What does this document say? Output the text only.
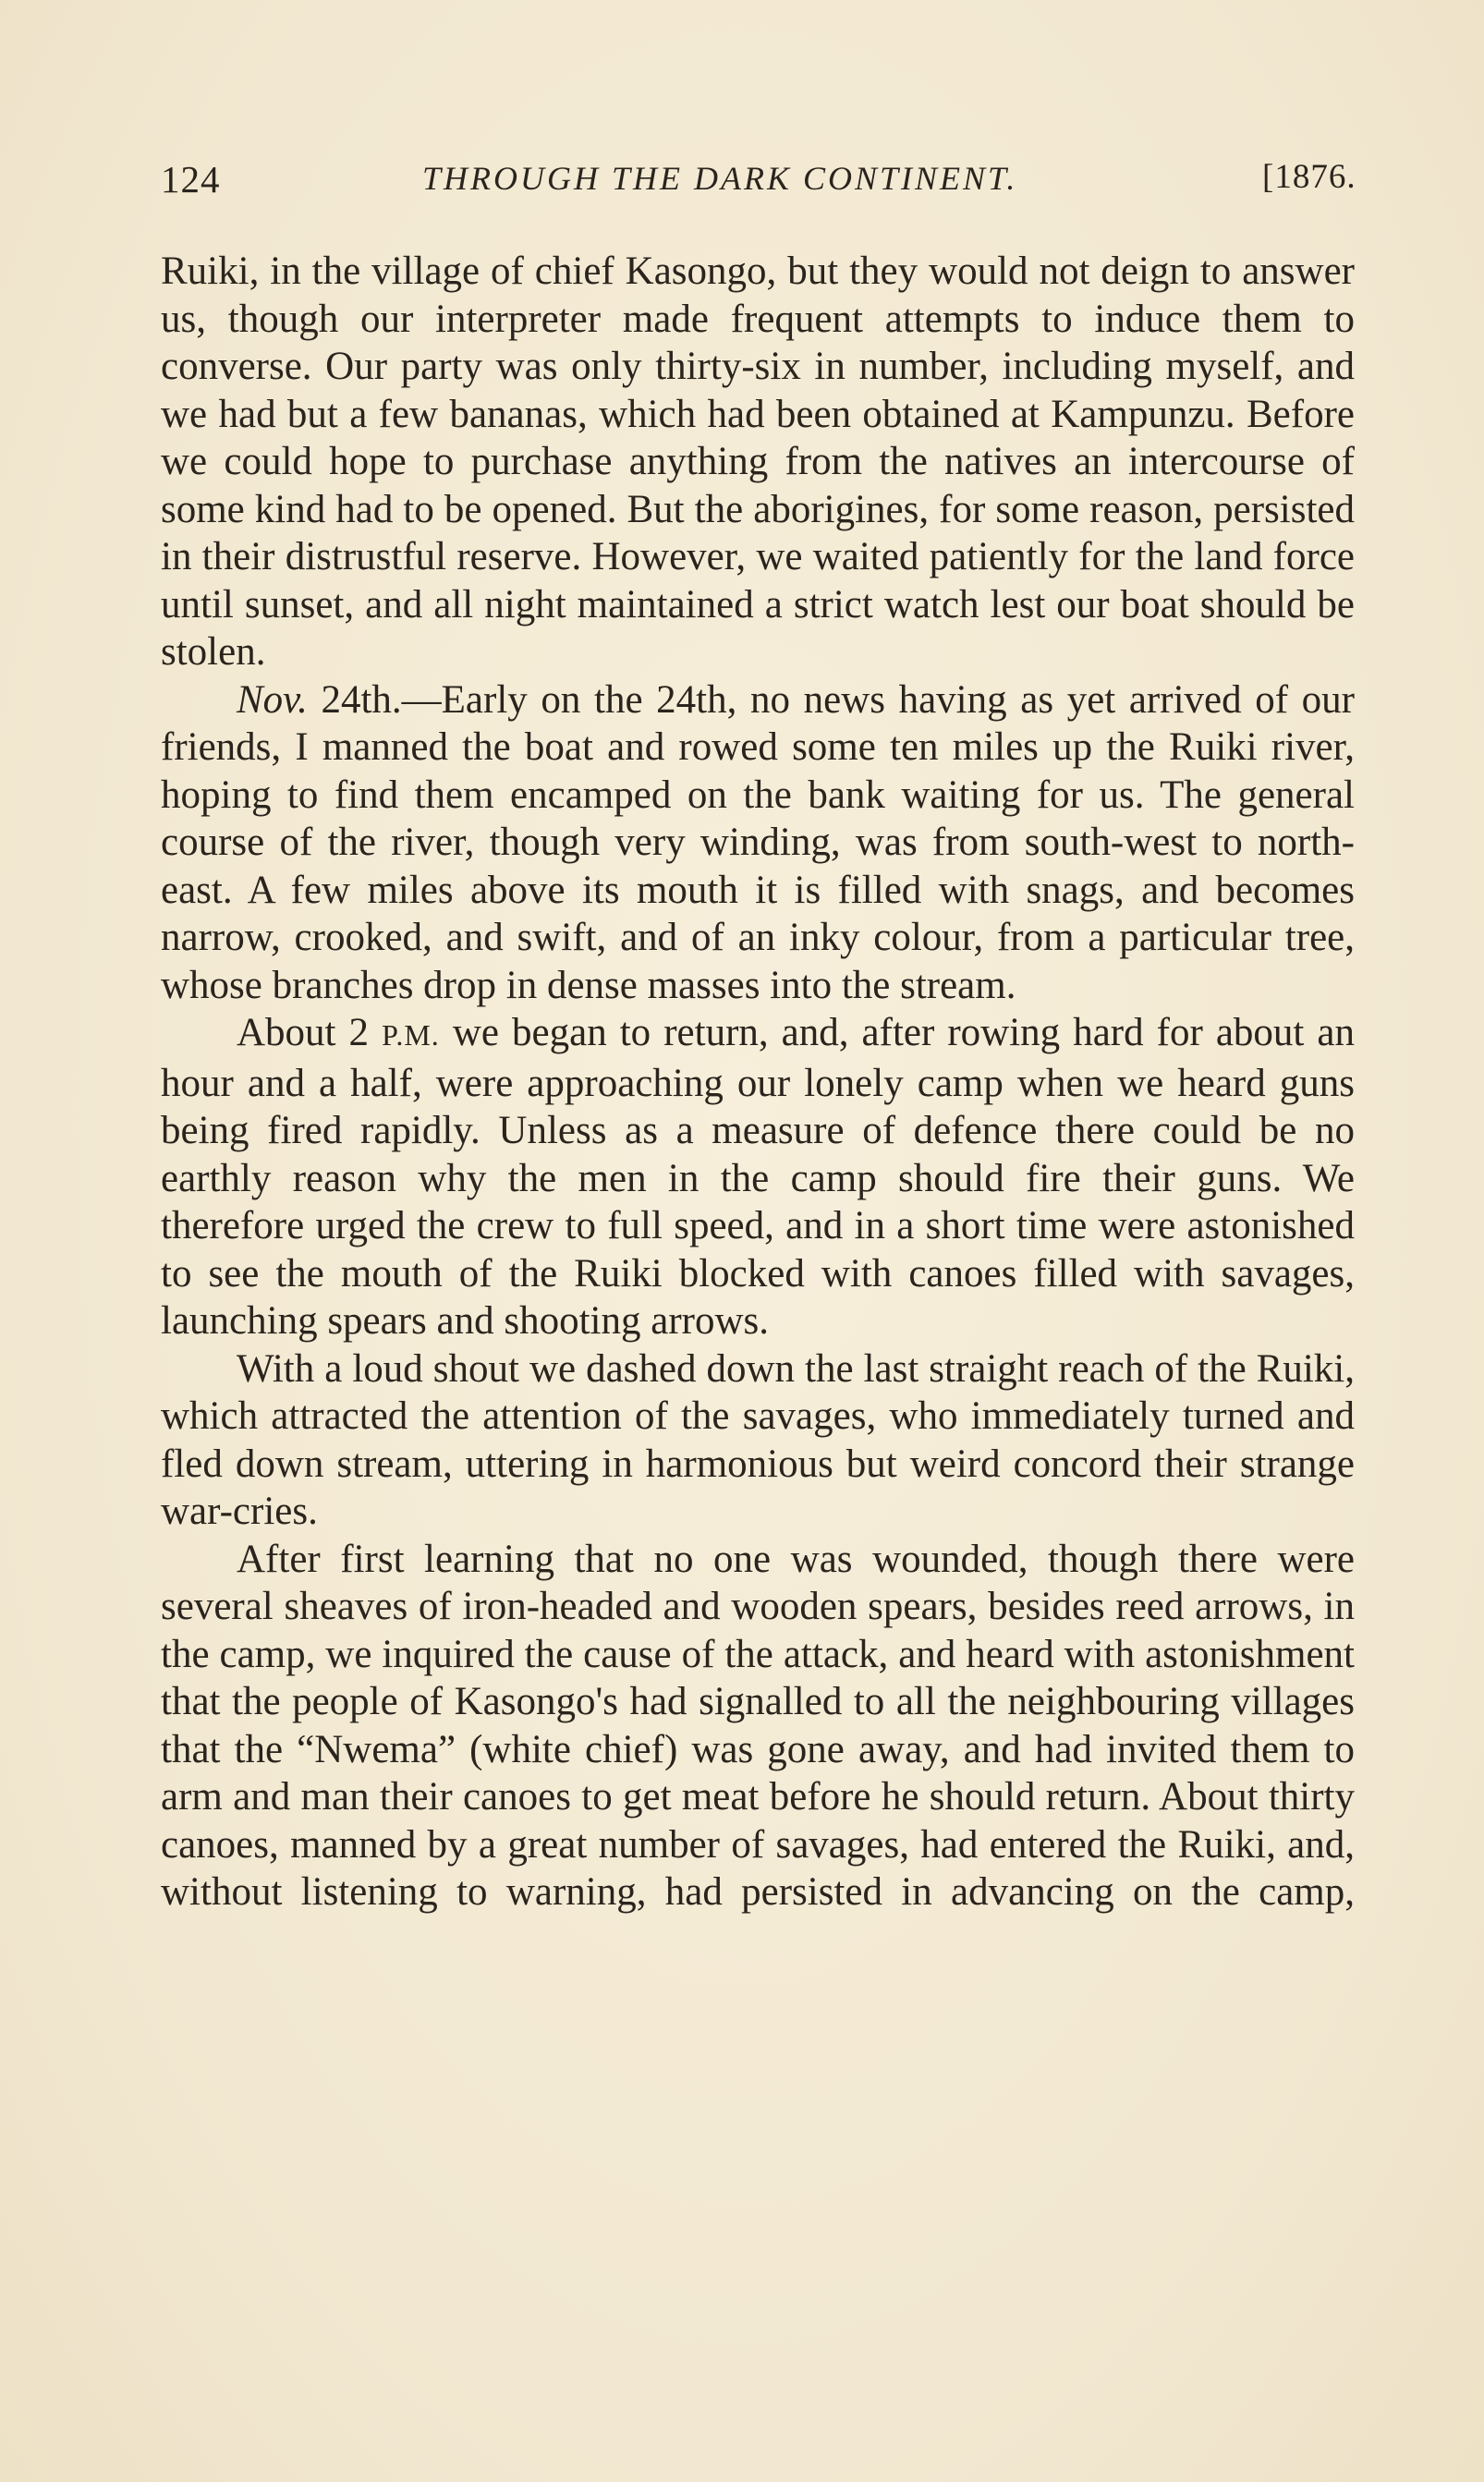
124	THROUGH THE DARK CONTINENT.	[1876.

Ruiki, in the village of chief Kasongo, but they would not deign to answer us, though our interpreter made frequent attempts to induce them to converse. Our party was only thirty-six in number, including myself, and we had but a few bananas, which had been obtained at Kampunzu. Before we could hope to purchase anything from the natives an intercourse of some kind had to be opened. But the aborigines, for some reason, persisted in their distrustful reserve. However, we waited patiently for the land force until sunset, and all night maintained a strict watch lest our boat should be stolen.

Nov. 24th.—Early on the 24th, no news having as yet arrived of our friends, I manned the boat and rowed some ten miles up the Ruiki river, hoping to find them encamped on the bank waiting for us. The general course of the river, though very winding, was from south-west to north-east. A few miles above its mouth it is filled with snags, and becomes narrow, crooked, and swift, and of an inky colour, from a particular tree, whose branches drop in dense masses into the stream.

About 2 P.M. we began to return, and, after rowing hard for about an hour and a half, were approaching our lonely camp when we heard guns being fired rapidly. Unless as a measure of defence there could be no earthly reason why the men in the camp should fire their guns. We therefore urged the crew to full speed, and in a short time were astonished to see the mouth of the Ruiki blocked with canoes filled with savages, launching spears and shooting arrows.

With a loud shout we dashed down the last straight reach of the Ruiki, which attracted the attention of the savages, who immediately turned and fled down stream, uttering in harmonious but weird concord their strange war-cries.

After first learning that no one was wounded, though there were several sheaves of iron-headed and wooden spears, besides reed arrows, in the camp, we inquired the cause of the attack, and heard with astonishment that the people of Kasongo's had signalled to all the neighbouring villages that the “Nwema” (white chief) was gone away, and had invited them to arm and man their canoes to get meat before he should return. About thirty canoes, manned by a great number of savages, had entered the Ruiki, and, without listening to warning, had persisted in advancing on the camp,
